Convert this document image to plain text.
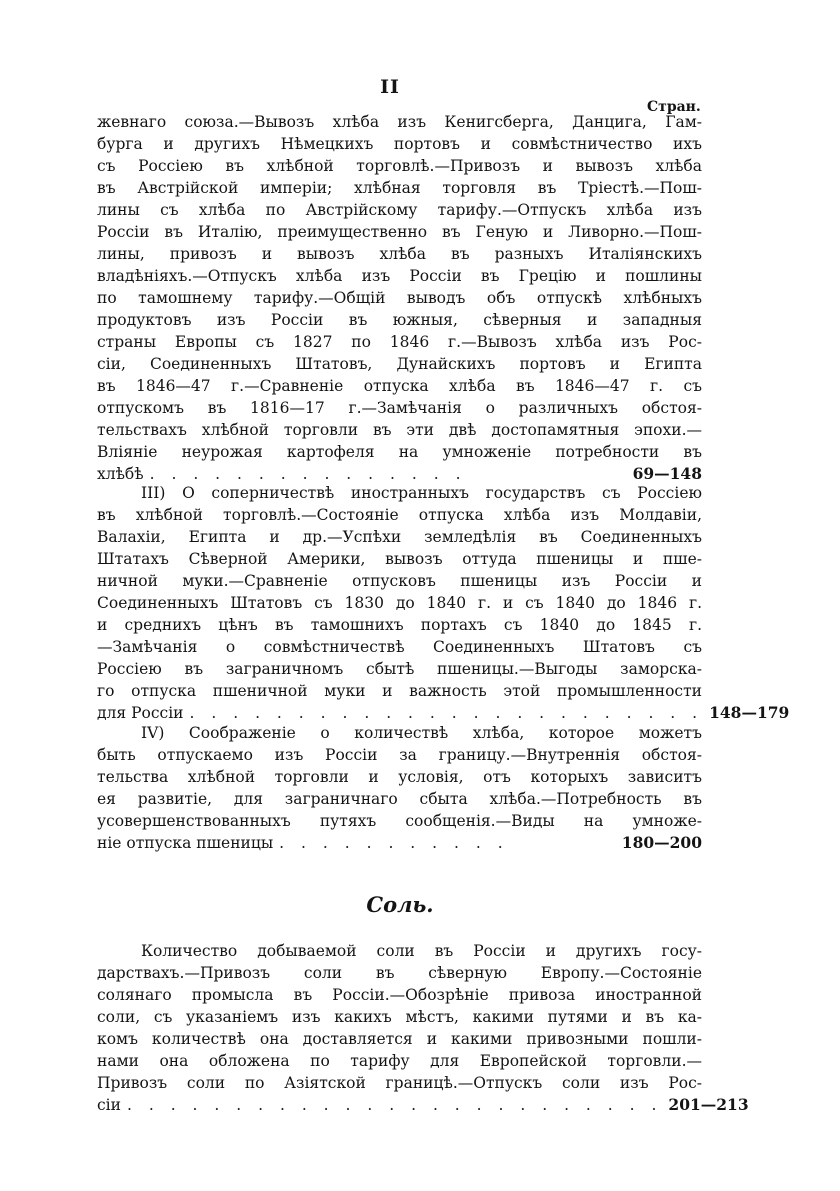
II
Стран.
жевнаго союза.—Вывозъ хлѣба изъ Кенигсберга, Данцига, Гам-
бурга и другихъ Нѣмецкихъ портовъ и совмѣстничество ихъ
съ Россіею въ хлѣбной торговлѣ.—Привозъ и вывозъ хлѣба
въ Австрійской имперіи; хлѣбная торговля въ Тріестѣ.—Пош-
лины съ хлѣба по Австрійскому тарифу.—Отпускъ хлѣба изъ
Россіи въ Италію, преимущественно въ Геную и Ливорно.—Пош-
лины, привозъ и вывозъ хлѣба въ разныхъ Италіянскихъ
владѣніяхъ.—Отпускъ хлѣба изъ Россіи въ Грецію и пошлины
по тамошнему тарифу.—Общій выводъ объ отпускѣ хлѣбныхъ
продуктовъ изъ Россіи въ южныя, сѣверныя и западныя
страны Европы съ 1827 по 1846 г.—Вывозъ хлѣба изъ Рос-
сіи, Соединенныхъ Штатовъ, Дунайскихъ портовъ и Египта
въ 1846—47 г.—Сравненіе отпуска хлѣба въ 1846—47 г. съ
отпускомъ въ 1816—17 г.—Замѣчанія о различныхъ обстоя-
тельствахъ хлѣбной торговли въ эти двѣ достопамятныя эпохи.—
Вліяніе неурожая картофеля на умноженіе потребности въ
хлѣбѣ . . . . . . . . . . . . . . .	69—148
III) О соперничествѣ иностранныхъ государствъ съ Россіею
въ хлѣбной торговлѣ.—Состояніе отпуска хлѣба изъ Молдавіи,
Валахіи, Египта и др.—Успѣхи земледѣлія въ Соединенныхъ
Штатахъ Сѣверной Америки, вывозъ оттуда пшеницы и пше-
ничной муки.—Сравненіе отпусковъ пшеницы изъ Россіи и
Соединенныхъ Штатовъ съ 1830 до 1840 г. и съ 1840 до 1846 г.
и среднихъ цѣнъ въ тамошнихъ портахъ съ 1840 до 1845 г.
—Замѣчанія о совмѣстничествѣ Соединенныхъ Штатовъ съ
Россіею въ заграничномъ сбытѣ пшеницы.—Выгоды заморска-
го отпуска пшеничной муки и важность этой промышленности
для Россіи . . . . . . . . . . . . . . . . . . . . . . . . 148—179
IV) Соображеніе о количествѣ хлѣба, которое можетъ
быть отпускаемо изъ Россіи за границу.—Внутреннія обстоя-
тельства хлѣбной торговли и условія, отъ которыхъ зависитъ
ея развитіе, для заграничнаго сбыта хлѣба.—Потребность въ
усовершенствованныхъ путяхъ сообщенія.—Виды на умноже-
ніе отпуска пшеницы . . . . . . . . . . .	180—200
Соль.
Количество добываемой соли въ Россіи и другихъ госу-
дарствахъ.—Привозъ соли въ сѣверную Европу.—Состояніе
солянаго промысла въ Россіи.—Обозрѣніе привоза иностранной
соли, съ указаніемъ изъ какихъ мѣстъ, какими путями и въ ка-
комъ количествѣ она доставляется и какими привозными пошли-
нами она обложена по тарифу для Европейской торговли.—
Привозъ соли по Азіятской границѣ.—Отпускъ соли изъ Рос-
сіи . . . . . . . . . . . . . . . . . . . . . . . . . 201—213
